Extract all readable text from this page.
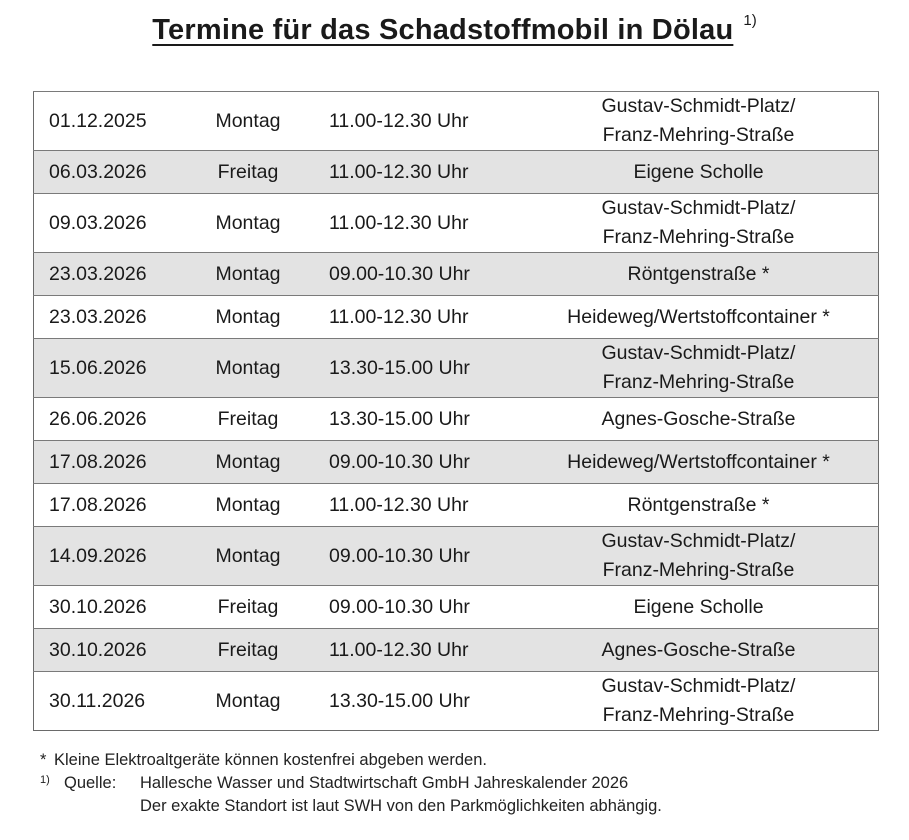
Termine für das Schadstoffmobil in Dölau 1)
01.12.2025	Montag	11.00-12.30 Uhr	Gustav-Schmidt-Platz/
Franz-Mehring-Straße

06.03.2026	Freitag	11.00-12.30 Uhr	Eigene Scholle

09.03.2026	Montag	11.00-12.30 Uhr	Gustav-Schmidt-Platz/
Franz-Mehring-Straße

23.03.2026	Montag	09.00-10.30 Uhr	Röntgenstraße *

23.03.2026	Montag	11.00-12.30 Uhr	Heideweg/Wertstoffcontainer *

15.06.2026	Montag	13.30-15.00 Uhr	Gustav-Schmidt-Platz/
Franz-Mehring-Straße

26.06.2026	Freitag	13.30-15.00 Uhr	Agnes-Gosche-Straße

17.08.2026	Montag	09.00-10.30 Uhr	Heideweg/Wertstoffcontainer *

17.08.2026	Montag	11.00-12.30 Uhr	Röntgenstraße *

14.09.2026	Montag	09.00-10.30 Uhr	Gustav-Schmidt-Platz/
Franz-Mehring-Straße

30.10.2026	Freitag	09.00-10.30 Uhr	Eigene Scholle

30.10.2026	Freitag	11.00-12.30 Uhr	Agnes-Gosche-Straße

30.11.2026	Montag	13.30-15.00 Uhr	Gustav-Schmidt-Platz/
Franz-Mehring-Straße
* Kleine Elektroaltgeräte können kostenfrei abgeben werden.
1) Quelle: Hallesche Wasser und Stadtwirtschaft GmbH Jahreskalender 2026
Der exakte Standort ist laut SWH von den Parkmöglichkeiten abhängig.
